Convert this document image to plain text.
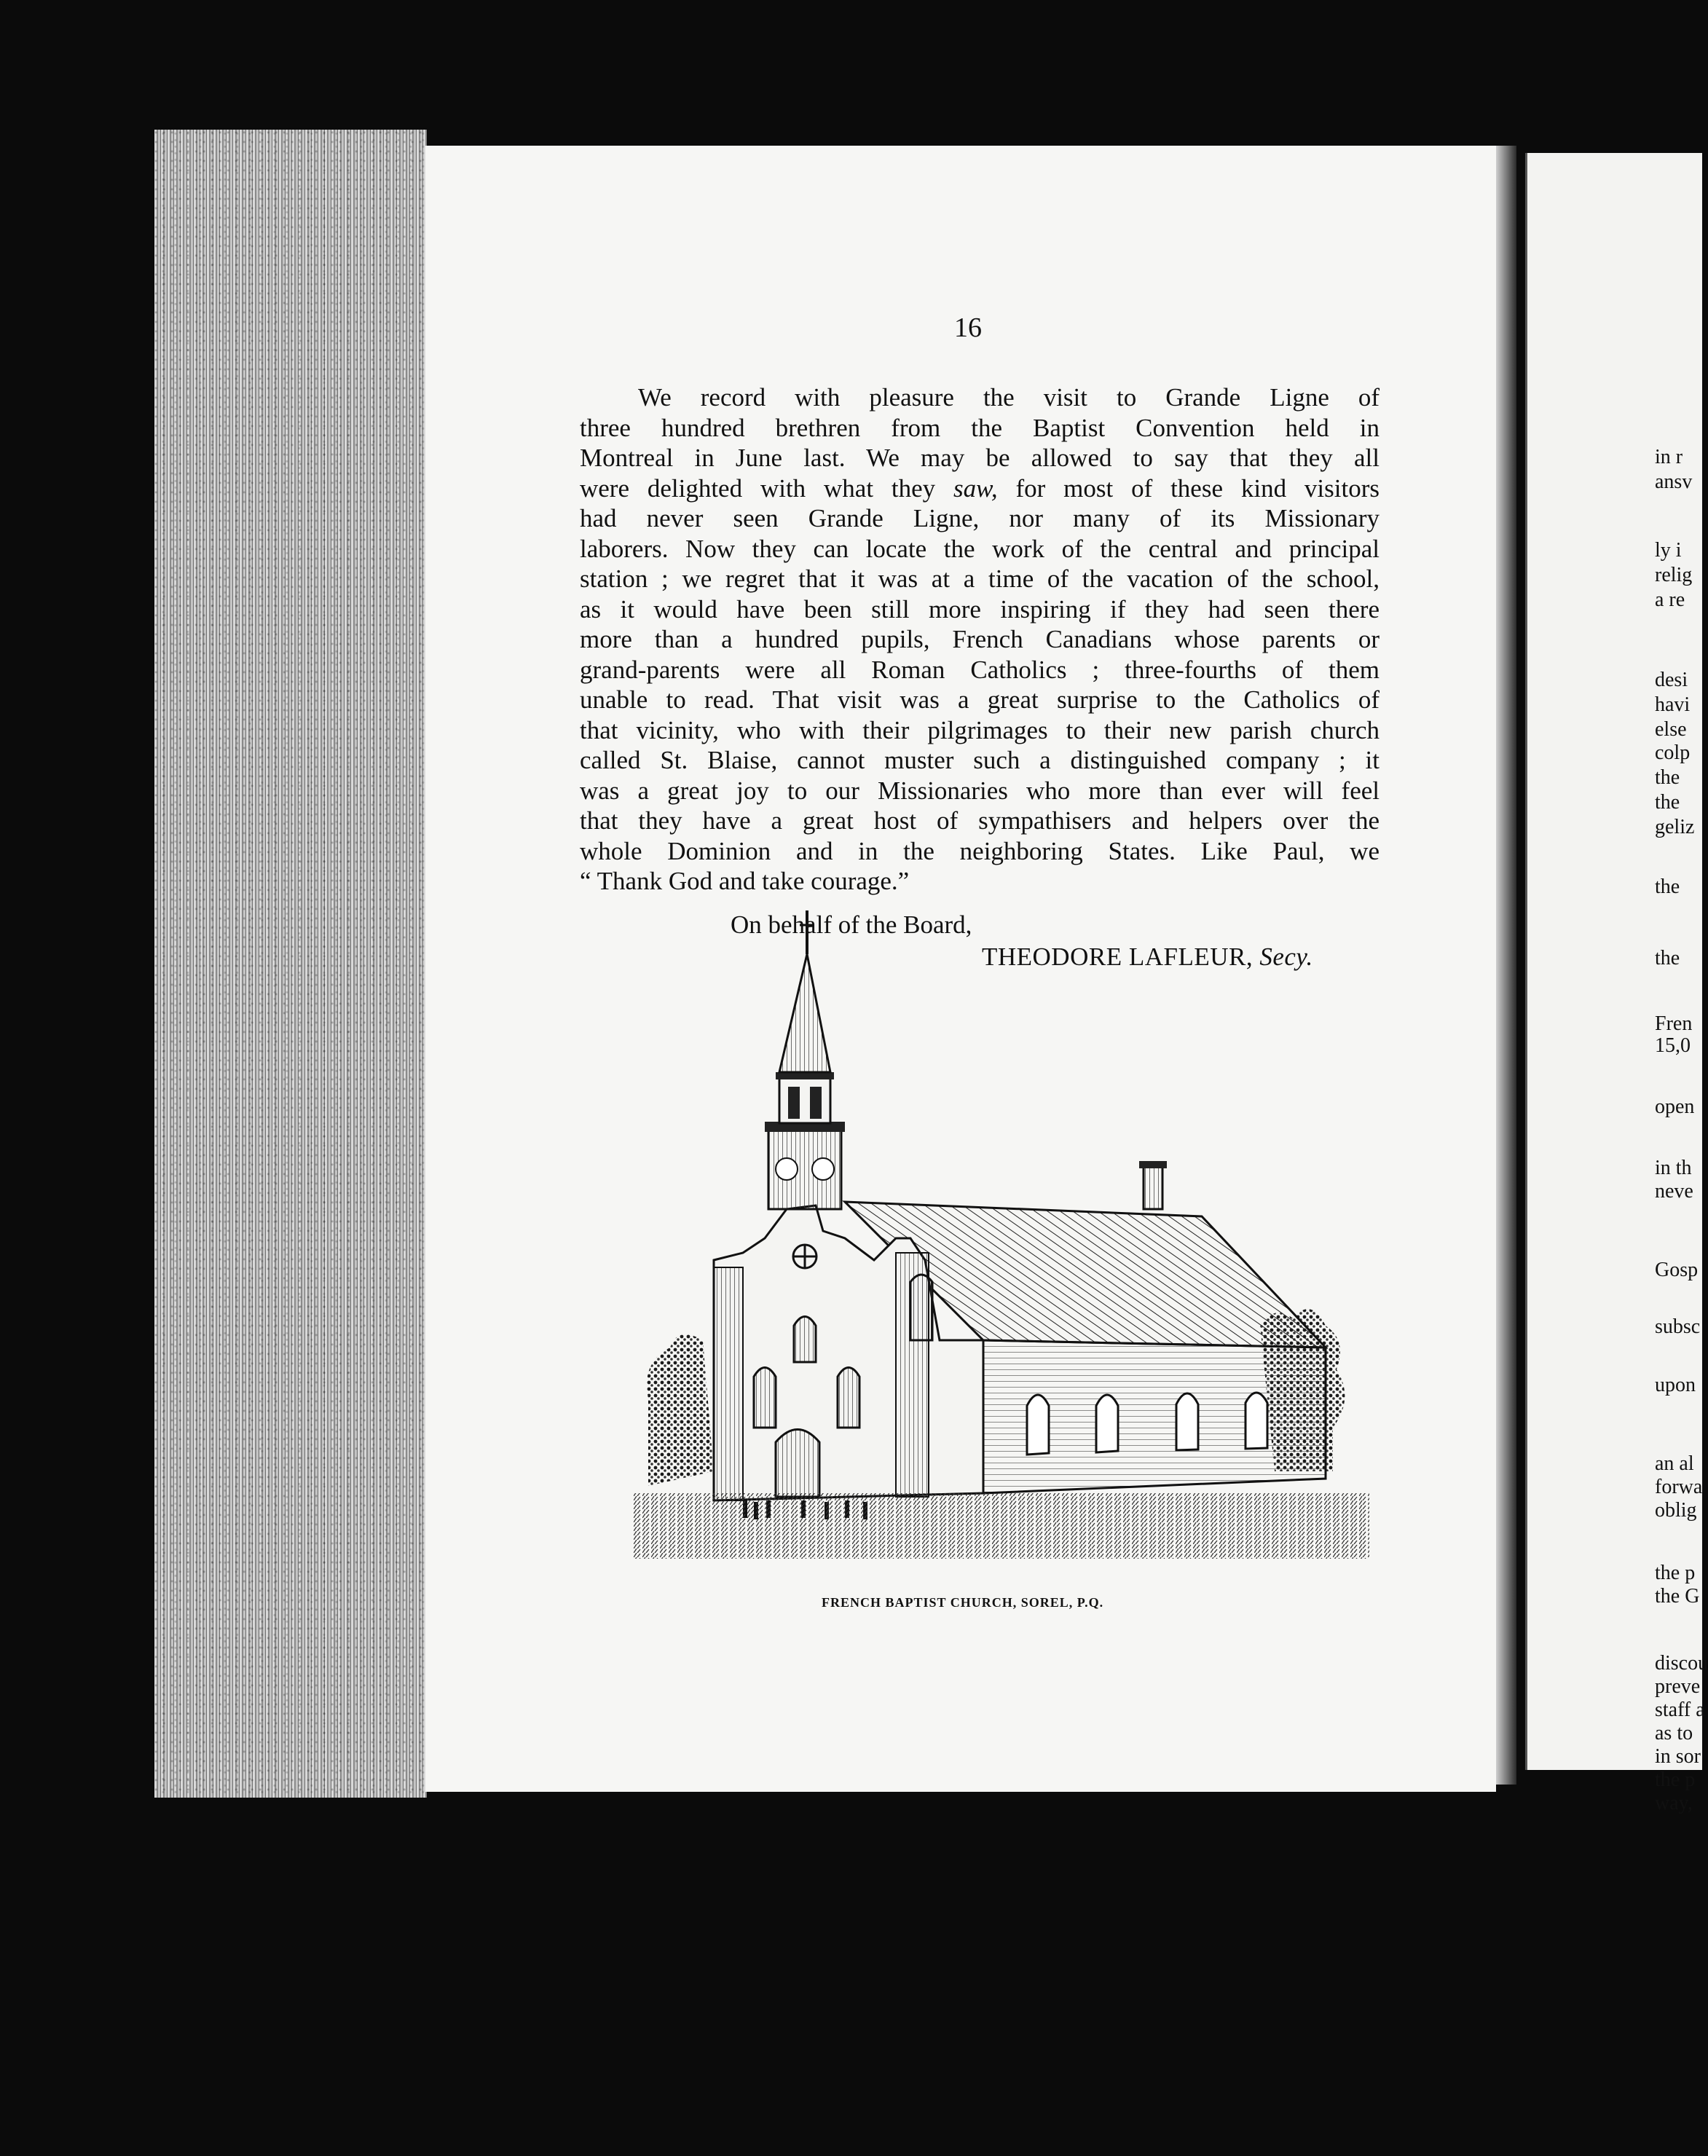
16
We record with pleasure the visit to Grande Ligne of
three hundred brethren from the Baptist Convention held in
Montreal in June last. We may be allowed to say that they all
were delighted with what they saw, for most of these kind visitors
had never seen Grande Ligne, nor many of its Missionary
laborers. Now they can locate the work of the central and principal
station ; we regret that it was at a time of the vacation of the school,
as it would have been still more inspiring if they had seen there
more than a hundred pupils, French Canadians whose parents or
grand-parents were all Roman Catholics ; three-fourths of them
unable to read. That visit was a great surprise to the Catholics of
that vicinity, who with their pilgrimages to their new parish church
called St. Blaise, cannot muster such a distinguished company ; it
was a great joy to our Missionaries who more than ever will feel
that they have a great host of sympathisers and helpers over the
whole Dominion and in the neighboring States. Like Paul, we
“ Thank God and take courage.”
On behalf of the Board,
THEODORE LAFLEUR, Secy.
FRENCH BAPTIST CHURCH, SOREL, P.Q.
in r
ansv
ly i
relig
a re
desi
havi
else
colp
the
the
geliz
the
the
Fren
15,0
open
in th
neve
Gosp
subsc
upon
an al
forwa
oblig
the p
the G
discou
preve
staff a
as to
in sor
the p
way,
